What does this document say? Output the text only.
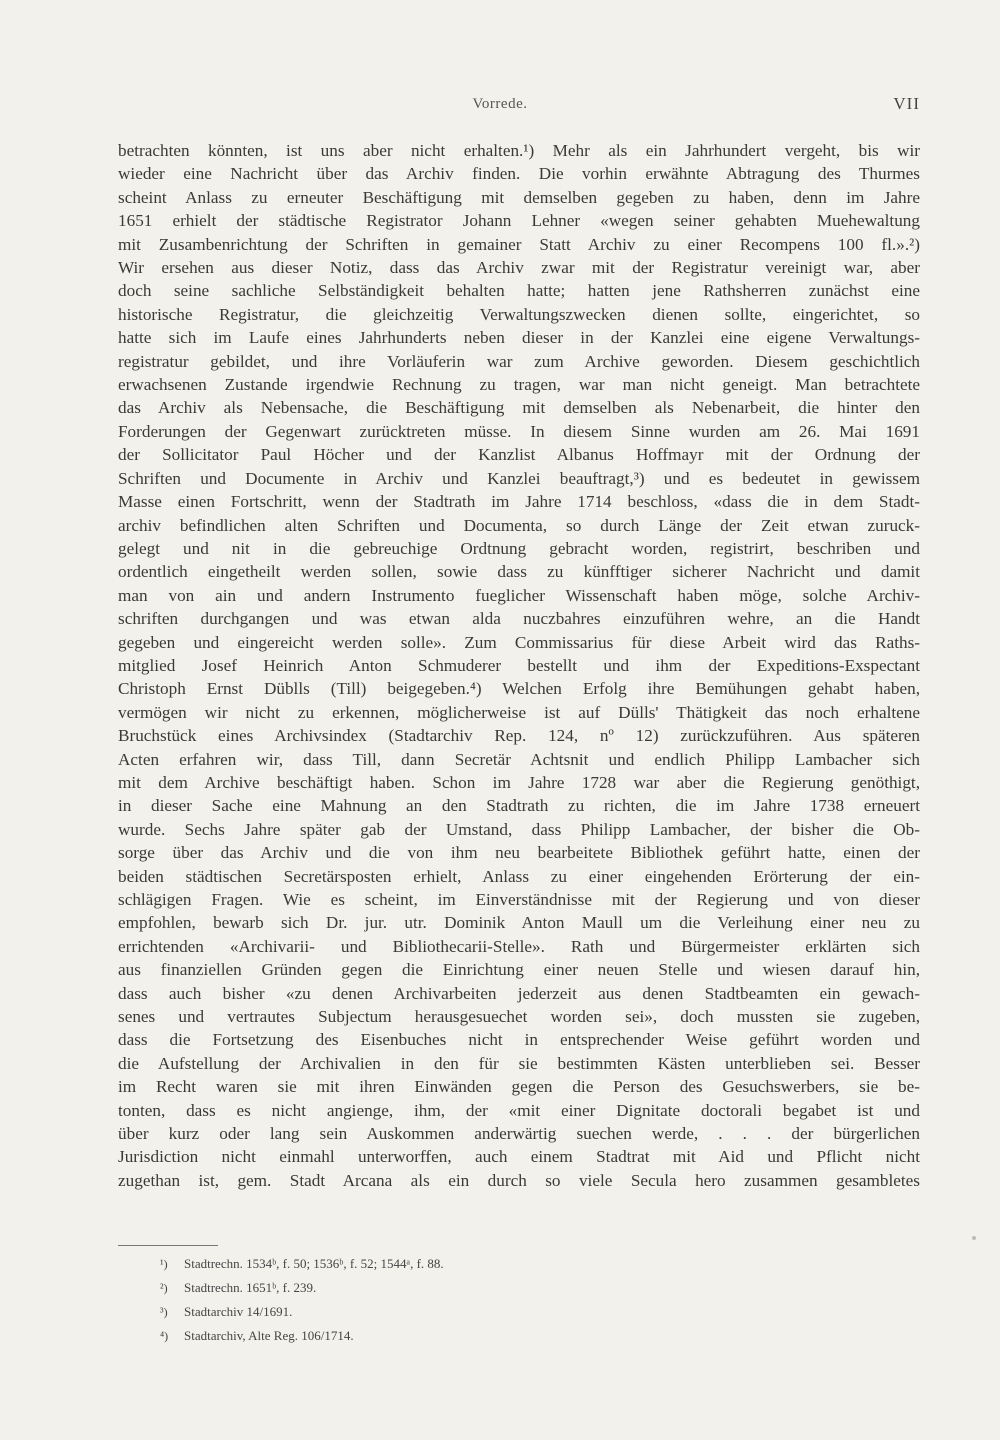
Vorrede.	VII
betrachten könnten, ist uns aber nicht erhalten.¹) Mehr als ein Jahrhundert vergeht, bis wir
wieder eine Nachricht über das Archiv finden. Die vorhin erwähnte Abtragung des Thurmes
scheint Anlass zu erneuter Beschäftigung mit demselben gegeben zu haben, denn im Jahre
1651 erhielt der städtische Registrator Johann Lehner «wegen seiner gehabten Muehewaltung
mit Zusambenrichtung der Schriften in gemainer Statt Archiv zu einer Recompens 100 fl.».²)
Wir ersehen aus dieser Notiz, dass das Archiv zwar mit der Registratur vereinigt war, aber
doch seine sachliche Selbständigkeit behalten hatte; hatten jene Rathsherren zunächst eine
historische Registratur, die gleichzeitig Verwaltungszwecken dienen sollte, eingerichtet, so
hatte sich im Laufe eines Jahrhunderts neben dieser in der Kanzlei eine eigene Verwaltungs-
registratur gebildet, und ihre Vorläuferin war zum Archive geworden. Diesem geschichtlich
erwachsenen Zustande irgendwie Rechnung zu tragen, war man nicht geneigt. Man betrachtete
das Archiv als Nebensache, die Beschäftigung mit demselben als Nebenarbeit, die hinter den
Forderungen der Gegenwart zurücktreten müsse. In diesem Sinne wurden am 26. Mai 1691
der Sollicitator Paul Höcher und der Kanzlist Albanus Hoffmayr mit der Ordnung der
Schriften und Documente in Archiv und Kanzlei beauftragt,³) und es bedeutet in gewissem
Masse einen Fortschritt, wenn der Stadtrath im Jahre 1714 beschloss, «dass die in dem Stadt-
archiv befindlichen alten Schriften und Documenta, so durch Länge der Zeit etwan zuruck-
gelegt und nit in die gebreuchige Ordtnung gebracht worden, registrirt, beschriben und
ordentlich eingetheilt werden sollen, sowie dass zu künfftiger sicherer Nachricht und damit
man von ain und andern Instrumento fueglicher Wissenschaft haben möge, solche Archiv-
schriften durchgangen und was etwan alda nuczbahres einzuführen wehre, an die Handt
gegeben und eingereicht werden solle». Zum Commissarius für diese Arbeit wird das Raths-
mitglied Josef Heinrich Anton Schmuderer bestellt und ihm der Expeditions-Exspectant
Christoph Ernst Düblls (Till) beigegeben.⁴) Welchen Erfolg ihre Bemühungen gehabt haben,
vermögen wir nicht zu erkennen, möglicherweise ist auf Dülls' Thätigkeit das noch erhaltene
Bruchstück eines Archivsindex (Stadtarchiv Rep. 124, nº 12) zurückzuführen. Aus späteren
Acten erfahren wir, dass Till, dann Secretär Achtsnit und endlich Philipp Lambacher sich
mit dem Archive beschäftigt haben. Schon im Jahre 1728 war aber die Regierung genöthigt,
in dieser Sache eine Mahnung an den Stadtrath zu richten, die im Jahre 1738 erneuert
wurde. Sechs Jahre später gab der Umstand, dass Philipp Lambacher, der bisher die Ob-
sorge über das Archiv und die von ihm neu bearbeitete Bibliothek geführt hatte, einen der
beiden städtischen Secretärsposten erhielt, Anlass zu einer eingehenden Erörterung der ein-
schlägigen Fragen. Wie es scheint, im Einverständnisse mit der Regierung und von dieser
empfohlen, bewarb sich Dr. jur. utr. Dominik Anton Maull um die Verleihung einer neu zu
errichtenden «Archivarii- und Bibliothecarii-Stelle». Rath und Bürgermeister erklärten sich
aus finanziellen Gründen gegen die Einrichtung einer neuen Stelle und wiesen darauf hin,
dass auch bisher «zu denen Archivarbeiten jederzeit aus denen Stadtbeamten ein gewach-
senes und vertrautes Subjectum herausgesuechet worden sei», doch mussten sie zugeben,
dass die Fortsetzung des Eisenbuches nicht in entsprechender Weise geführt worden und
die Aufstellung der Archivalien in den für sie bestimmten Kästen unterblieben sei. Besser
im Recht waren sie mit ihren Einwänden gegen die Person des Gesuchswerbers, sie be-
tonten, dass es nicht angienge, ihm, der «mit einer Dignitate doctorali begabet ist und
über kurz oder lang sein Auskommen anderwärtig suechen werde, . . . der bürgerlichen
Jurisdiction nicht einmahl unterworffen, auch einem Stadtrat mit Aid und Pflicht nicht
zugethan ist, gem. Stadt Arcana als ein durch so viele Secula hero zusammen gesambletes
¹) Stadtrechn. 1534ᵇ, f. 50; 1536ᵇ, f. 52; 1544ᵃ, f. 88.
²) Stadtrechn. 1651ᵇ, f. 239.
³) Stadtarchiv 14/1691.
⁴) Stadtarchiv, Alte Reg. 106/1714.
